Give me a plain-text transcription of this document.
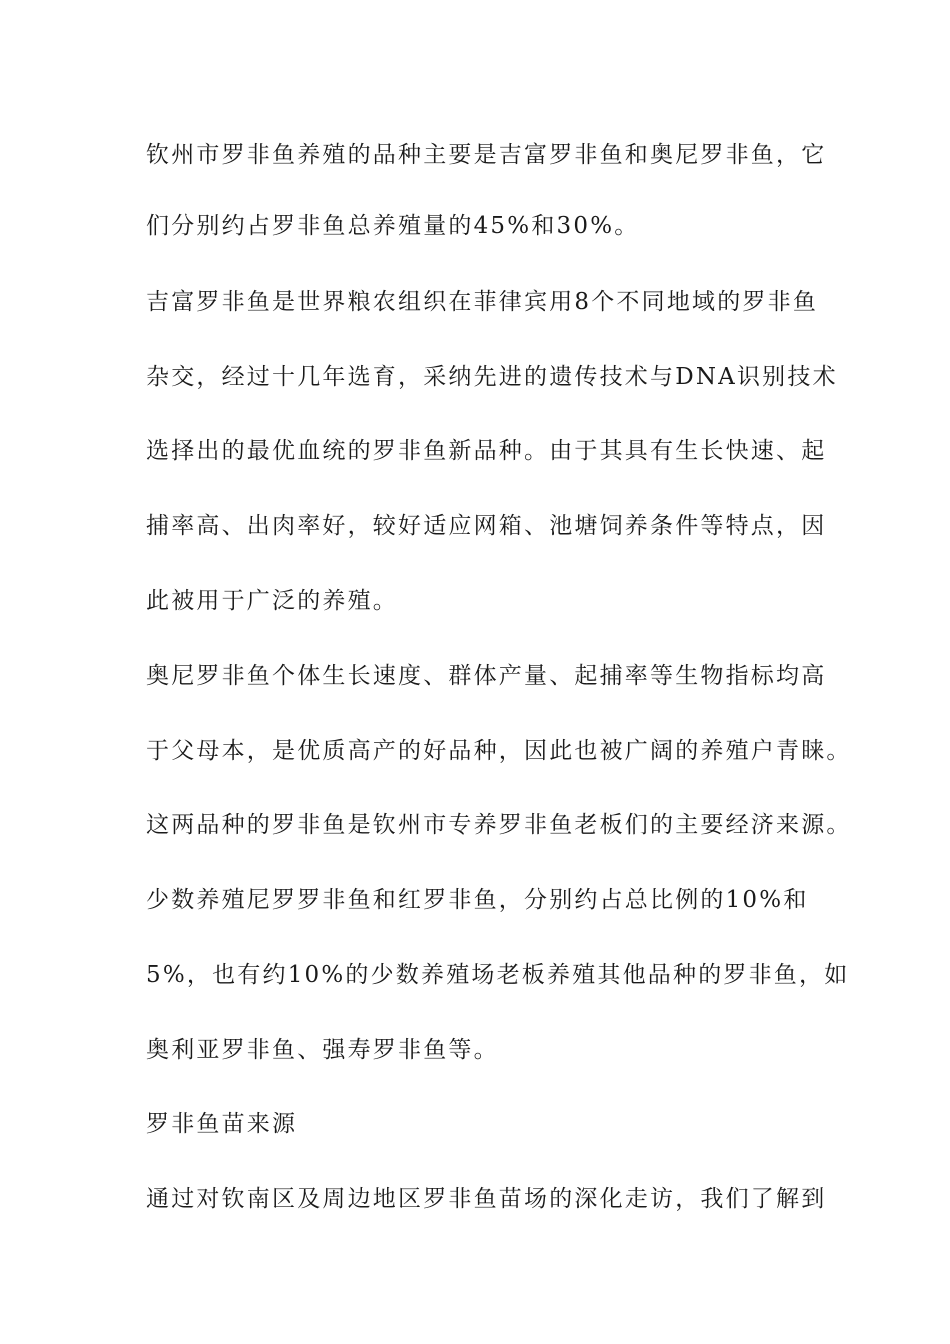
钦州市罗非鱼养殖的品种主要是吉富罗非鱼和奥尼罗非鱼，它
们分别约占罗非鱼总养殖量的45%和30%。
吉富罗非鱼是世界粮农组织在菲律宾用8个不同地域的罗非鱼
杂交，经过十几年选育，采纳先进的遗传技术与DNA识别技术
选择出的最优血统的罗非鱼新品种。由于其具有生长快速、起
捕率高、出肉率好，较好适应网箱、池塘饲养条件等特点，因
此被用于广泛的养殖。
奥尼罗非鱼个体生长速度、群体产量、起捕率等生物指标均高
于父母本，是优质高产的好品种，因此也被广阔的养殖户青睐。
这两品种的罗非鱼是钦州市专养罗非鱼老板们的主要经济来源。
少数养殖尼罗罗非鱼和红罗非鱼，分别约占总比例的10%和
5%，也有约10%的少数养殖场老板养殖其他品种的罗非鱼，如
奥利亚罗非鱼、强寿罗非鱼等。
罗非鱼苗来源
通过对钦南区及周边地区罗非鱼苗场的深化走访，我们了解到
